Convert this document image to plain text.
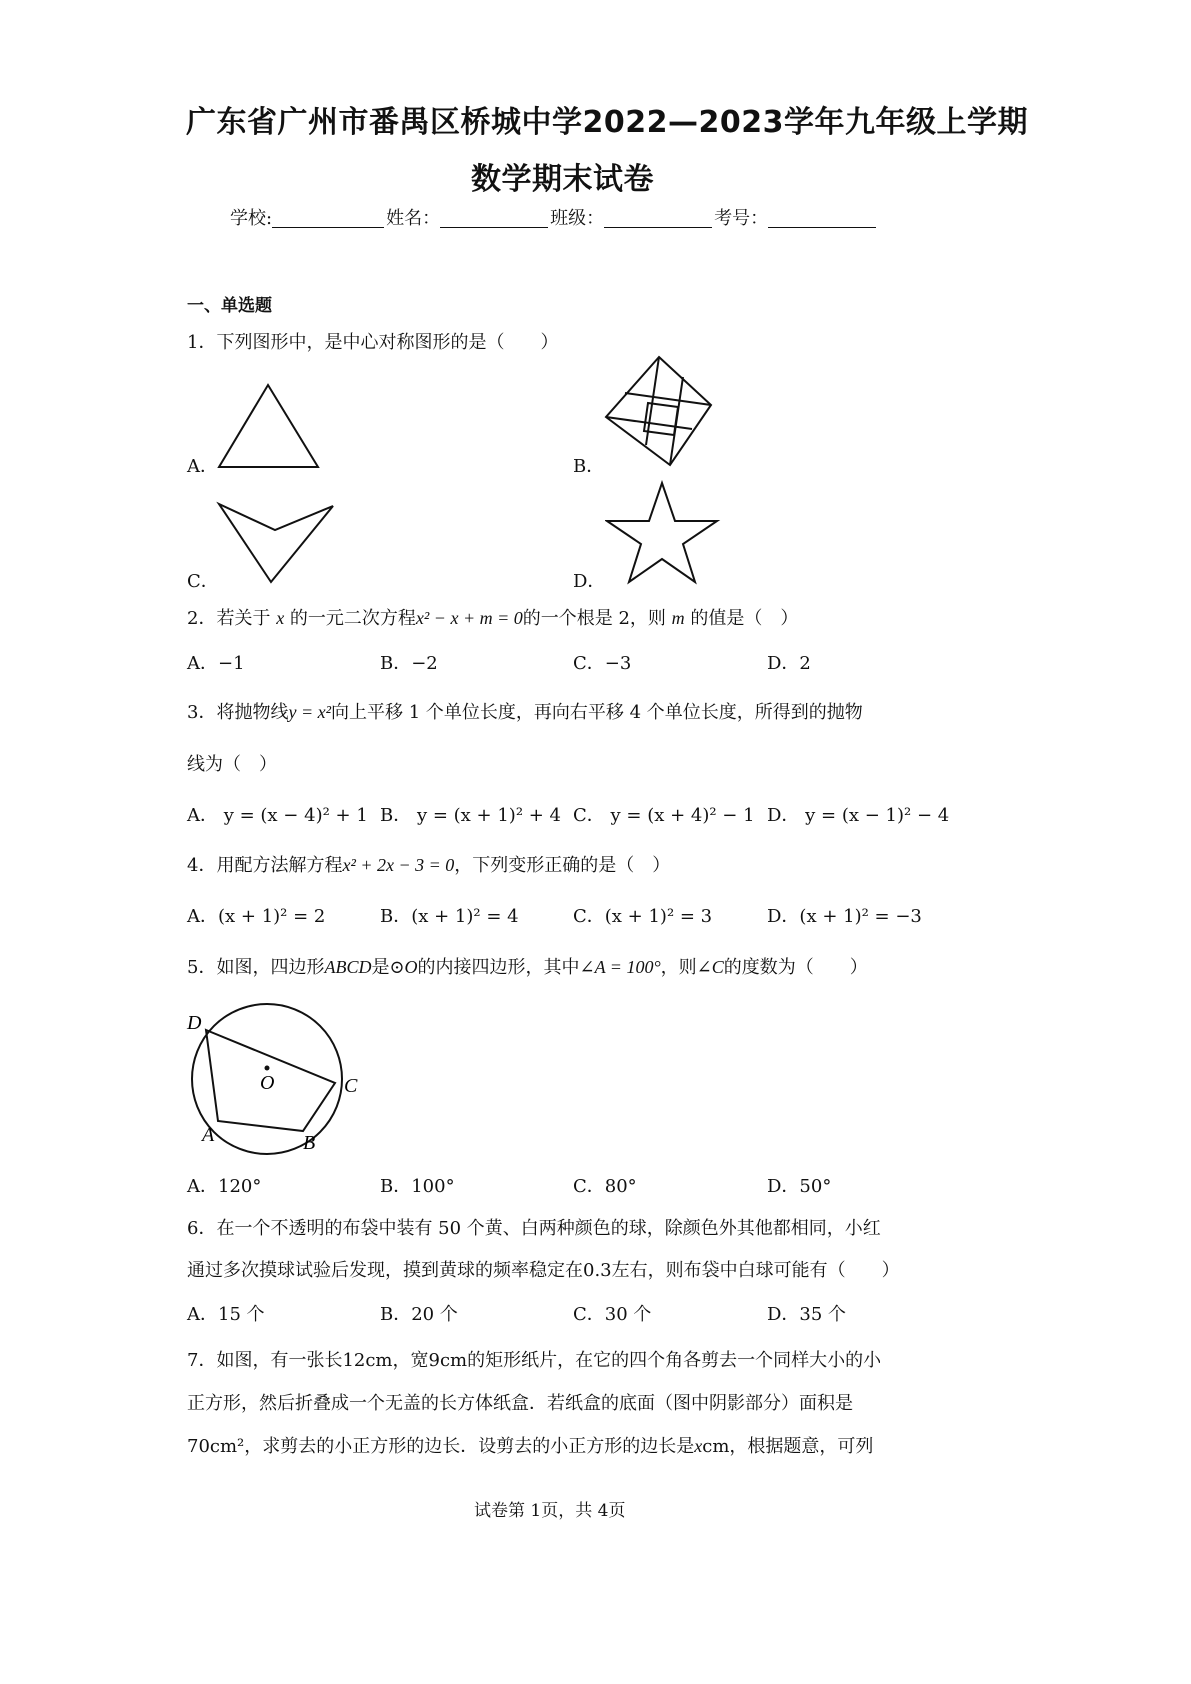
广东省广州市番禺区桥城中学2022—2023学年九年级上学期
数学期末试卷
学校:	姓名：	班级：	考号：
一、单选题
1．下列图形中，是中心对称图形的是（　　）
A．	B．
C．	D．
2．若关于 x 的一元二次方程x² − x + m = 0的一个根是 2，则 m 的值是（　）
A．−1	B．−2	C．−3	D．2
3．将抛物线y = x²向上平移 1 个单位长度，再向右平移 4 个单位长度，所得到的抛物
线为（　）
A． y = (x − 4)² + 1 B． y = (x + 1)² + 4 C． y = (x + 4)² − 1 D． y = (x − 1)² − 4
4．用配方法解方程x² + 2x − 3 = 0，下列变形正确的是（　）
A．(x + 1)² = 2	B．(x + 1)² = 4	C．(x + 1)² = 3	D．(x + 1)² = −3
5．如图，四边形ABCD是⊙O的内接四边形，其中∠A = 100°，则∠C的度数为（　　）
D
O	C
A	B
A．120°	B．100°	C．80°	D．50°
6．在一个不透明的布袋中装有 50 个黄、白两种颜色的球，除颜色外其他都相同，小红
通过多次摸球试验后发现，摸到黄球的频率稳定在0.3左右，则布袋中白球可能有（　　）
A．15 个	B．20 个	C．30 个	D．35 个
7．如图，有一张长12cm，宽9cm的矩形纸片，在它的四个角各剪去一个同样大小的小
正方形，然后折叠成一个无盖的长方体纸盒．若纸盒的底面（图中阴影部分）面积是
70cm²，求剪去的小正方形的边长．设剪去的小正方形的边长是xcm，根据题意，可列
试卷第 1页，共 4页
